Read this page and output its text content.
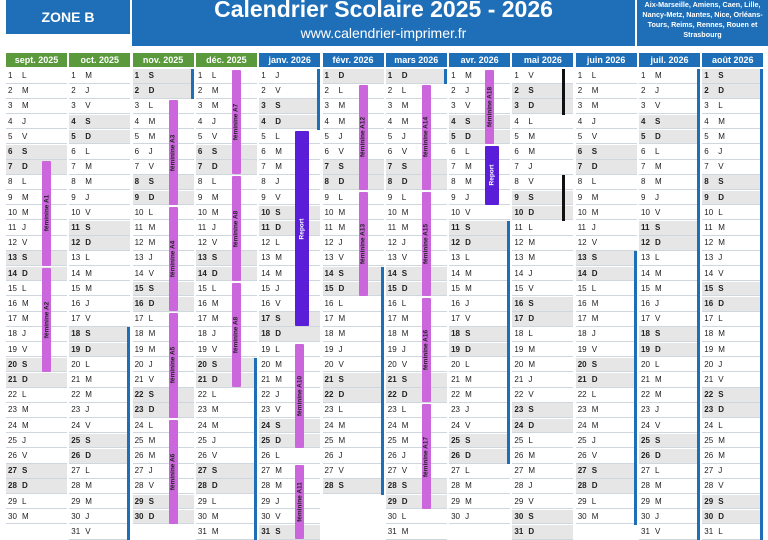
ZONE B	Calendrier Scolaire 2025 - 2026
www.calendrier-imprimer.fr
Aix-Marseille, Amiens, Caen, Lille, Nancy-Metz, Nantes, Nice, Orléans-Tours, Reims, Rennes, Rouen et Strasbourg
sept. 2025
1	L
2	M
3	M
4	J
5	V
6	S
7	D
8	L
9	M
10 M
11 J
12 V
13 S
14 D
15 L
16 M
17 M
18 J
19 V
20 S
21 D
22 L
23 M
24 M
25 J
26 V
27 S
28 D
29 L
30 M
oct. 2025
1	M
2	J
3	V
4	S
5	D
6	L
7	M
8	M
9	J
10 V
11 S
12 D
13 L
14 M
15 M
16 J
17 V
18 S
19 D
20 L
21 M
22 M
23 J
24 V
25 S
26 D
27 L
28 M
29 M
30 J
31 V
nov. 2025
1	S
2	D
3	L
4	M
5	M
6	J
7	V
8	S
9	D
10 L
11 M
12 M
13 J
14 V
15 S
16 D
17 L
18 M
19 M
20 J
21 V
22 S
23 D
24 L
25 M
26 M
27 J
28 V
29 S
30 D
déc. 2025
1	L
2	M
3	M
4	J
5	V
6	S
7	D
8	L
9	M
10 M
11 J
12 V
13 S
14 D
15 L
16 M
17 M
18 J
19 V
20 S
21 D
22 L
23 M
24 M
25 J
26 V
27 S
28 D
29 L
30 M
31 M
janv. 2026
1	J
2	V
3	S
4	D
5	L
6	M
7	M
8	J
9	V
10 S
11 D
12 L
13 M
14 M
15 J
16 V
17 S
18 D
19 L
20 M
21 M
22 J
23 V
24 S
25 D
26 L
27 M
28 M
29 J
30 V
31 S
févr. 2026
1	D
2	L
3	M
4	M
5	J
6	V
7	S
8	D
9	L
10 M
11 M
12 J
13 V
14 S
15 D
16 L
17 M
18 M
19 J
20 V
21 S
22 D
23 L
24 M
25 M
26 J
27 V
28 S
mars 2026
1	D
2	L
3	M
4	M
5	J
6	V
7	S
8	D
9	L
10 M
11 M
12 J
13 V
14 S
15 D
16 L
17 M
18 M
19 J
20 V
21 S
22 D
23 L
24 M
25 M
26 J
27 V
28 S
29 D
30 L
31 M
avr. 2026
1	M
2	J
3	V
4	S
5	D
6	L
7	M
8	M
9	J
10 V
11 S
12 D
13 L
14 M
15 M
16 J
17 V
18 S
19 D
20 L
21 M
22 M
23 J
24 V
25 S
26 D
27 L
28 M
29 M
30 J
mai 2026
1	V
2	S
3	D
4	L
5	M
6	M
7	J
8	V
9	S
10 D
11 L
12 M
13 M
14 J
15 V
16 S
17 D
18 L
19 M
20 M
21 J
22 V
23 S
24 D
25 L
26 M
27 M
28 J
29 V
30 S
31 D
juin 2026
1	L
2	M
3	M
4	J
5	V
6	S
7	D
8	L
9	M
10 M
11 J
12 V
13 S
14 D
15 L
16 M
17 M
18 J
19 V
20 S
21 D
22 L
23 M
24 M
25 J
26 V
27 S
28 D
29 L
30 M
juil. 2026
1	M
2	J
3	V
4	S
5	D
6	L
7	M
8	M
9	J
10 V
11 S
12 D
13 L
14 M
15 M
16 J
17 V
18 S
19 D
20 L
21 M
22 M
23 J
24 V
25 S
26 D
27 L
28 M
29 M
30 J
31 V
août 2026
1	S
2	D
3	L
4	M
5	M
6	J
7	V
8	S
9	D
10 L
11 M
12 M
13 J
14 V
15 S
16 D
17 L
18 M
19 M
20 J
21 V
22 S
23 D
24 L
25 M
26 M
27 J
28 V
29 S
30 D
31 L
féminine A1
féminine A2
féminine A3
féminine A4
féminine A5
féminine A6
féminine A7
féminine A8
féminine A8
Report
féminine A10
féminine A11
féminine A12
féminine A13
féminine A14
féminine A15
féminine A16
féminine A17
féminine A18
Report
